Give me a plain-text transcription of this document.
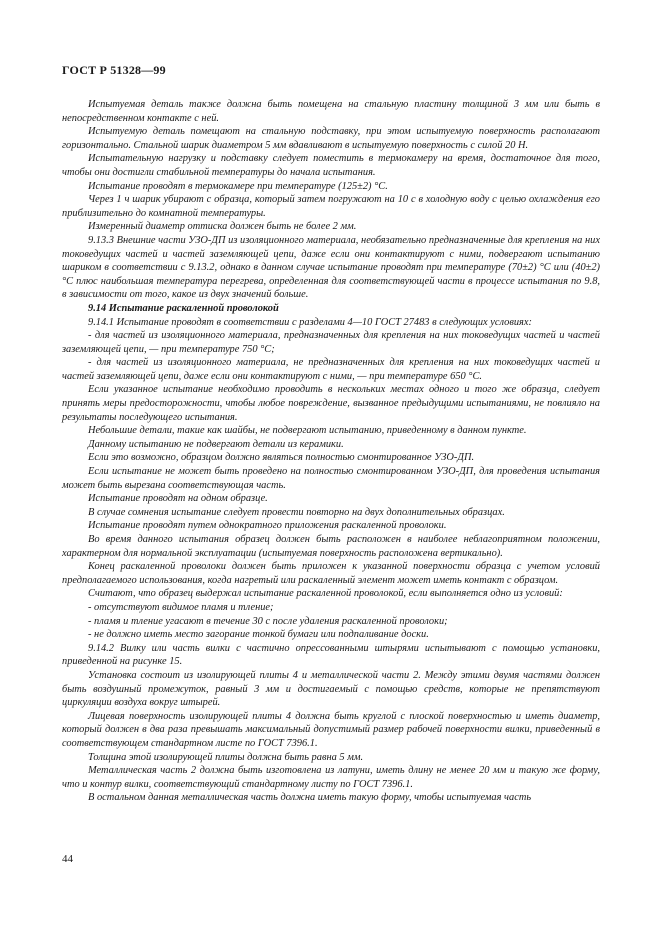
ГОСТ Р 51328—99

Испытуемая деталь также должна быть помещена на стальную пластину толщиной 3 мм или быть в непосредственном контакте с ней.

Испытуемую деталь помещают на стальную подставку, при этом испытуемую поверхность располагают горизонтально. Стальной шарик диаметром 5 мм вдавливают в испытуемую поверхность с силой 20 Н.

Испытательную нагрузку и подставку следует поместить в термокамеру на время, достаточное для того, чтобы они достигли стабильной температуры до начала испытания.

Испытание проводят в термокамере при температуре (125±2) °С.

Через 1 ч шарик убирают с образца, который затем погружают на 10 с в холодную воду с целью охлаждения его приблизительно до комнатной температуры.

Измеренный диаметр оттиска должен быть не более 2 мм.

9.13.3 Внешние части УЗО-ДП из изоляционного материала, необязательно предназначенные для крепления на них токоведущих частей и частей заземляющей цепи, даже если они контактируют с ними, подвергают испытанию шариком в соответствии с 9.13.2, однако в данном случае испытание проводят при температуре (70±2) °С или (40±2) °С плюс наибольшая температура перегрева, определенная для соответствующей части в процессе испытания по 9.8, в зависимости от того, какое из двух значений больше.

9.14 Испытание раскаленной проволокой

9.14.1 Испытание проводят в соответствии с разделами 4—10 ГОСТ 27483 в следующих условиях:

- для частей из изоляционного материала, предназначенных для крепления на них токоведущих частей и частей заземляющей цепи, — при температуре 750 °С;

- для частей из изоляционного материала, не предназначенных для крепления на них токоведущих частей и частей заземляющей цепи, даже если они контактируют с ними, — при температуре 650 °С.

Если указанное испытание необходимо проводить в нескольких местах одного и того же образца, следует принять меры предосторожности, чтобы любое повреждение, вызванное предыдущими испытаниями, не повлияло на результаты последующего испытания.

Небольшие детали, такие как шайбы, не подвергают испытанию, приведенному в данном пункте.

Данному испытанию не подвергают детали из керамики.

Если это возможно, образцом должно являться полностью смонтированное УЗО-ДП.

Если испытание не может быть проведено на полностью смонтированном УЗО-ДП, для проведения испытания может быть вырезана соответствующая часть.

Испытание проводят на одном образце.

В случае сомнения испытание следует провести повторно на двух дополнительных образцах.

Испытание проводят путем однократного приложения раскаленной проволоки.

Во время данного испытания образец должен быть расположен в наиболее неблагоприятном положении, характерном для нормальной эксплуатации (испытуемая поверхность расположена вертикально).

Конец раскаленной проволоки должен быть приложен к указанной поверхности образца с учетом условий предполагаемого использования, когда нагретый или раскаленный элемент может иметь контакт с образцом.

Считают, что образец выдержал испытание раскаленной проволокой, если выполняется одно из условий:

- отсутствуют видимое пламя и тление;

- пламя и тление угасают в течение 30 с после удаления раскаленной проволоки;

- не должно иметь место загорание тонкой бумаги или подпаливание доски.

9.14.2 Вилку или часть вилки с частично опрессованными штырями испытывают с помощью установки, приведенной на рисунке 15.

Установка состоит из изолирующей плиты 4 и металлической части 2. Между этими двумя частями должен быть воздушный промежуток, равный 3 мм и достигаемый с помощью средств, которые не препятствуют циркуляции воздуха вокруг штырей.

Лицевая поверхность изолирующей плиты 4 должна быть круглой с плоской поверхностью и иметь диаметр, который должен в два раза превышать максимальный допустимый размер рабочей поверхности вилки, приведенный в соответствующем стандартном листе по ГОСТ 7396.1.

Толщина этой изолирующей плиты должна быть равна 5 мм.

Металлическая часть 2 должна быть изготовлена из латуни, иметь длину не менее 20 мм и такую же форму, что и контур вилки, соответствующий стандартному листу по ГОСТ 7396.1.

В остальном данная металлическая часть должна иметь такую форму, чтобы испытуемая часть

44
